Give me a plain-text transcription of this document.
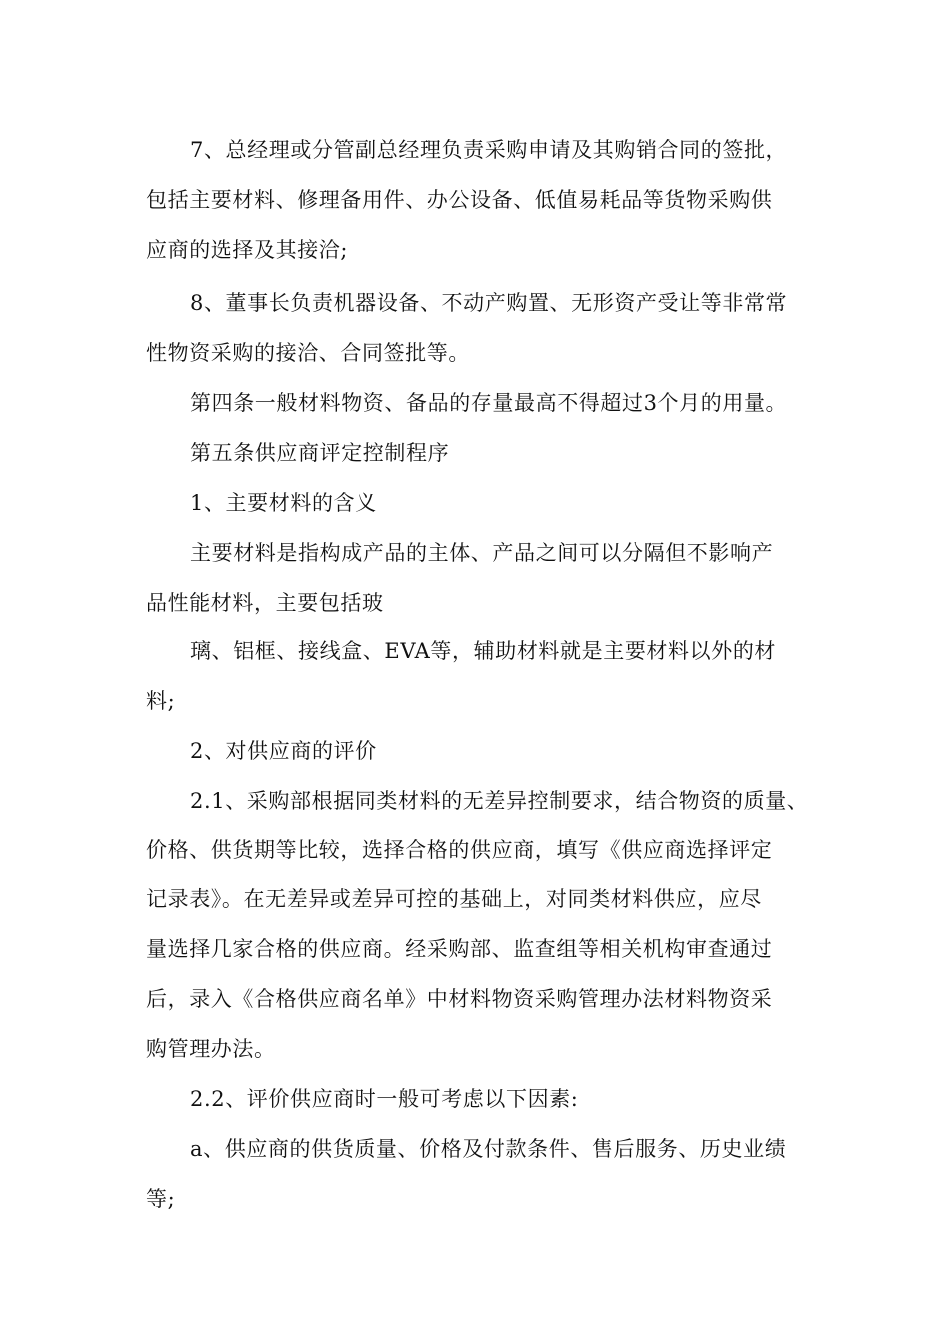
7、总经理或分管副总经理负责采购申请及其购销合同的签批，
包括主要材料、修理备用件、办公设备、低值易耗品等货物采购供
应商的选择及其接洽;
8、董事长负责机器设备、不动产购置、无形资产受让等非常常
性物资采购的接洽、合同签批等。
第四条一般材料物资、备品的存量最高不得超过3个月的用量。
第五条供应商评定控制程序
1、主要材料的含义
主要材料是指构成产品的主体、产品之间可以分隔但不影响产
品性能材料，主要包括玻
璃、铝框、接线盒、EVA等，辅助材料就是主要材料以外的材
料;
2、对供应商的评价
2.1、采购部根据同类材料的无差异控制要求，结合物资的质量、
价格、供货期等比较，选择合格的供应商，填写《供应商选择评定
记录表》。在无差异或差异可控的基础上，对同类材料供应，应尽
量选择几家合格的供应商。经采购部、监查组等相关机构审查通过
后，录入《合格供应商名单》中材料物资采购管理办法材料物资采
购管理办法。
2.2、评价供应商时一般可考虑以下因素:
a、供应商的供货质量、价格及付款条件、售后服务、历史业绩
等;
